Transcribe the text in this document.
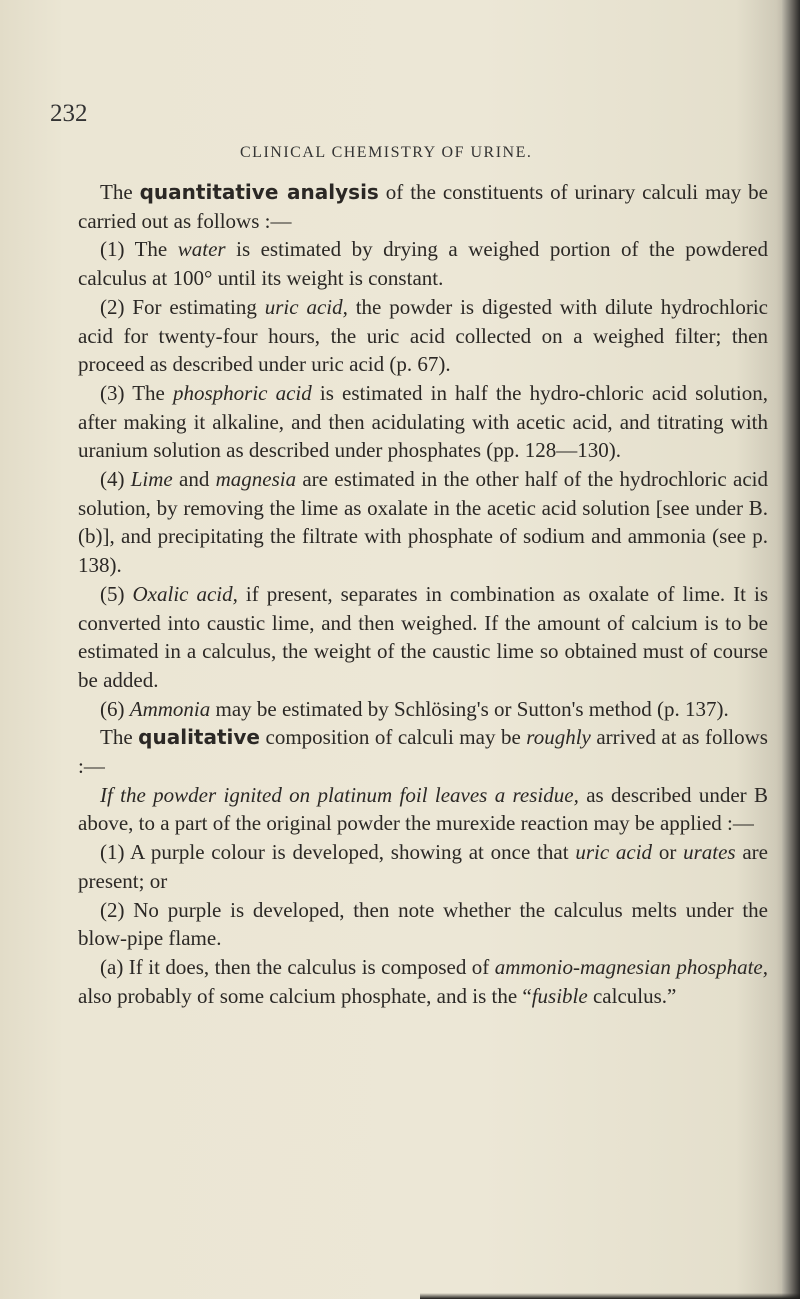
232
CLINICAL CHEMISTRY OF URINE.

The quantitative analysis of the constituents of urinary calculi may be carried out as follows :—

(1) The water is estimated by drying a weighed portion of the powdered calculus at 100° until its weight is constant.

(2) For estimating uric acid, the powder is digested with dilute hydrochloric acid for twenty-four hours, the uric acid collected on a weighed filter; then proceed as described under uric acid (p. 67).

(3) The phosphoric acid is estimated in half the hydro-chloric acid solution, after making it alkaline, and then acidulating with acetic acid, and titrating with uranium solution as described under phosphates (pp. 128—130).

(4) Lime and magnesia are estimated in the other half of the hydrochloric acid solution, by removing the lime as oxalate in the acetic acid solution [see under B. (b)], and precipitating the filtrate with phosphate of sodium and ammonia (see p. 138).

(5) Oxalic acid, if present, separates in combination as oxalate of lime. It is converted into caustic lime, and then weighed. If the amount of calcium is to be estimated in a calculus, the weight of the caustic lime so obtained must of course be added.

(6) Ammonia may be estimated by Schlösing's or Sutton's method (p. 137).

The qualitative composition of calculi may be roughly arrived at as follows :—

If the powder ignited on platinum foil leaves a residue, as described under B above, to a part of the original powder the murexide reaction may be applied :—

(1) A purple colour is developed, showing at once that uric acid or urates are present; or

(2) No purple is developed, then note whether the calculus melts under the blow-pipe flame.

(a) If it does, then the calculus is composed of ammonio-magnesian phosphate, also probably of some calcium phosphate, and is the “fusible calculus.”
